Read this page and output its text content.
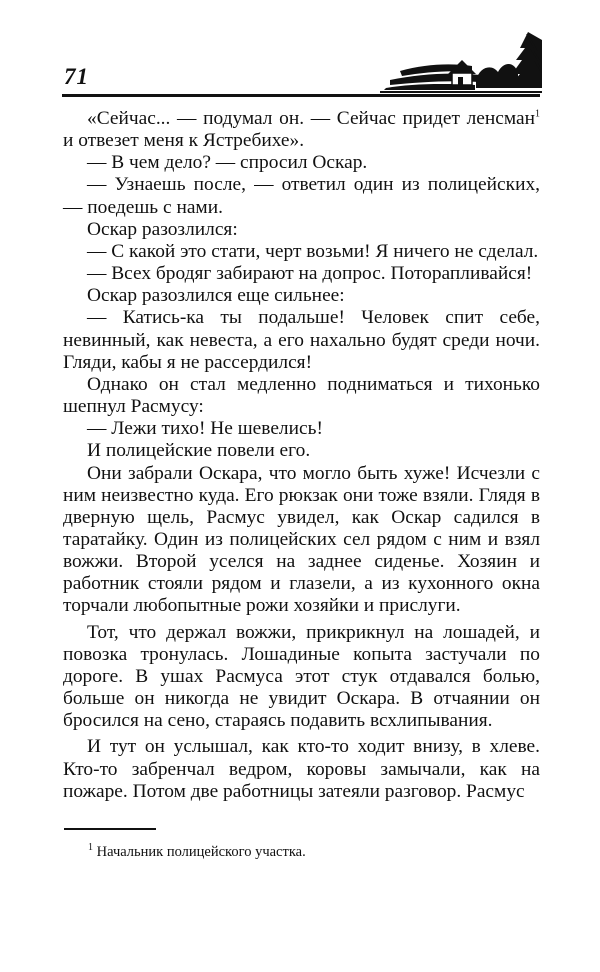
71

«Сейчас... — подумал он. — Сейчас придет ленсман$^1$ и отвезет меня к Ястребихе».

— В чем дело? — спросил Оскар.

— Узнаешь после, — ответил один из полицейских, — поедешь с нами.

Оскар разозлился:

— С какой это стати, черт возьми! Я ничего не сделал.

— Всех бродяг забирают на допрос. Поторапливайся!

Оскар разозлился еще сильнее:

— Катись-ка ты подальше! Человек спит себе, невинный, как невеста, а его нахально будят среди ночи. Гляди, кабы я не рассердился!

Однако он стал медленно подниматься и тихонько шепнул Расмусу:

— Лежи тихо! Не шевелись!

И полицейские повели его.

Они забрали Оскара, что могло быть хуже! Исчезли с ним неизвестно куда. Его рюкзак они тоже взяли. Глядя в дверную щель, Расмус увидел, как Оскар садился в таратайку. Один из полицейских сел рядом с ним и взял вожжи. Второй уселся на заднее сиденье. Хозяин и работник стояли рядом и глазели, а из кухонного окна торчали любопытные рожи хозяйки и прислуги.

Тот, что держал вожжи, прикрикнул на лошадей, и повозка тронулась. Лошадиные копыта застучали по дороге. В ушах Расмуса этот стук отдавался болью, больше он никогда не увидит Оскара. В отчаянии он бросился на сено, стараясь подавить всхлипывания.

И тут он услышал, как кто-то ходит внизу, в хлеве. Кто-то забренчал ведром, коровы замычали, как на пожаре. Потом две работницы затеяли разговор. Расмус

$^1$ Начальник полицейского участка.
